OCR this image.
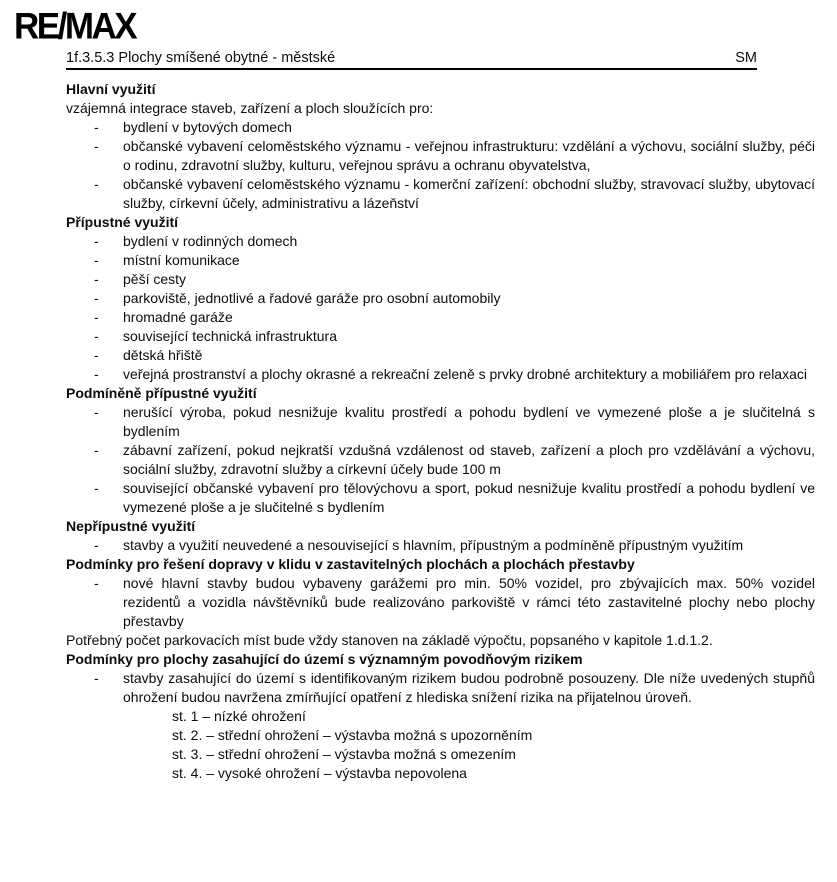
RE/MAX
1f.3.5.3 Plochy smíšené obytné - městské	SM
Hlavní využití
vzájemná integrace staveb, zařízení a ploch sloužících pro:
- bydlení v bytových domech
- občanské vybavení celoměstského významu - veřejnou infrastrukturu: vzdělání a výchovu, sociální služby, péči o rodinu, zdravotní služby, kulturu, veřejnou správu a ochranu obyvatelstva,
- občanské vybavení celoměstského významu - komerční zařízení: obchodní služby, stravovací služby, ubytovací služby, církevní účely, administrativu a lázeňství
Přípustné využití
- bydlení v rodinných domech
- místní komunikace
- pěší cesty
- parkoviště, jednotlivé a řadové garáže pro osobní automobily
- hromadné garáže
- související technická infrastruktura
- dětská hřiště
- veřejná prostranství a plochy okrasné a rekreační zeleně s prvky drobné architektury a mobiliářem pro relaxaci
Podmíněně přípustné využití
- nerušící výroba, pokud nesnižuje kvalitu prostředí a pohodu bydlení ve vymezené ploše a je slučitelná s bydlením
- zábavní zařízení, pokud nejkratší vzdušná vzdálenost od staveb, zařízení a ploch pro vzdělávání a výchovu, sociální služby, zdravotní služby a církevní účely bude 100 m
- související občanské vybavení pro tělovýchovu a sport, pokud nesnižuje kvalitu prostředí a pohodu bydlení ve vymezené ploše a je slučitelné s bydlením
Nepřípustné využití
- stavby a využití neuvedené a nesouvisející s hlavním, přípustným a podmíněně přípustným využitím
Podmínky pro řešení dopravy v klidu v zastavitelných plochách a plochách přestavby
- nové hlavní stavby budou vybaveny garážemi pro min. 50% vozidel, pro zbývajících max. 50% vozidel rezidentů a vozidla návštěvníků bude realizováno parkoviště v rámci této zastavitelné plochy nebo plochy přestavby
Potřebný počet parkovacích míst bude vždy stanoven na základě výpočtu, popsaného v kapitole 1.d.1.2.
Podmínky pro plochy zasahující do území s významným povodňovým rizikem
- stavby zasahující do území s identifikovaným rizikem budou podrobně posouzeny. Dle níže uvedených stupňů ohrožení budou navržena zmírňující opatření z hlediska snížení rizika na přijatelnou úroveň.
st. 1 – nízké ohrožení
st. 2. – střední ohrožení – výstavba možná s upozorněním
st. 3. – střední ohrožení – výstavba možná s omezením
st. 4. – vysoké ohrožení – výstavba nepovolena
